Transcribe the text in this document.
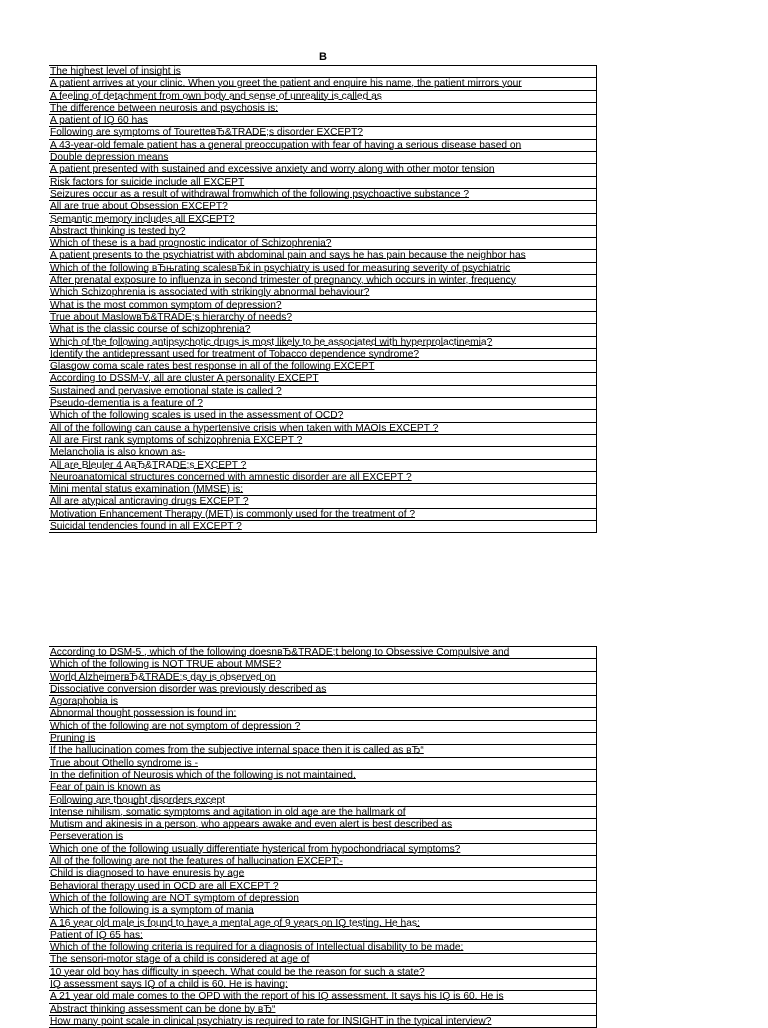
B
The highest level of insight is
A patient arrives at your clinic. When you greet the patient and enquire his name, the patient mirrors your
A feeling of detachment from own body and sense of unreality is called as
The difference between neurosis and psychosis is:
A patient of IQ 60 has
Following are symptoms of TouretteвЂ&TRADE;s disorder EXCEPT?
A 43-year-old female patient has a general preoccupation with fear of having a serious disease based on
Double depression means
A patient presented with sustained and excessive anxiety and worry along with other motor tension
Risk factors for suicide include all EXCEPT
Seizures occur as a result of withdrawal fromwhich of the following psychoactive substance ?
All are true about Obsession EXCEPT?
Semantic memory includes all EXCEPT?
Abstract thinking is tested by?
Which of these is a bad prognostic indicator of Schizophrenia?
A patient presents to the psychiatrist with abdominal pain and says he has pain because the neighbor has
Which of the following вЂњrating scalesвЂќ in psychiatry is used for measuring severity of psychiatric
After prenatal exposure to influenza in second trimester of pregnancy, which occurs in winter, frequency
Which Schizophrenia is associated with strikingly abnormal behaviour?
What is the most common symptom of depression?
True about MaslowвЂ&TRADE;s hierarchy of needs?
What is the classic course of schizophrenia?
Which of the following antipsychotic drugs is most likely to be associated with hyperprolactinemia?
Identify the antidepressant used for treatment of Tobacco dependence syndrome?
Glasgow coma scale rates best response in all of the following EXCEPT
According to DSSM-V, all are cluster A personality EXCEPT
Sustained and pervasive emotional state is called ?
Pseudo-dementia is a feature of ?
Which of the following scales is used in the assessment of OCD?
All of the following can cause a hypertensive crisis when taken with MAOIs EXCEPT ?
All are First rank symptoms of schizophrenia EXCEPT ?
Melancholia is also known as-
All are Bleuler 4 AвЂ&TRADE;s EXCEPT ?
Neuroanatomical structures concerned with amnestic disorder are all EXCEPT ?
Mini mental status examination (MMSE) is:
All are atypical anticraving drugs EXCEPT ?
Motivation Enhancement Therapy (MET) is commonly used for the treatment of ?
Suicidal tendencies found in all EXCEPT ?
According to DSM-5 , which of the following doesnвЂ&TRADE;t belong to Obsessive Compulsive and
Which of the following is NOT TRUE about MMSE?
World AlzheimerвЂ&TRADE;s day is observed on
Dissociative conversion disorder was previously described as
Agoraphobia is
Abnormal thought possession is found in:
Which of the following are not symptom of depression ?
Pruning is
If the hallucination comes from the subjective internal space then it is called as вЂ“
True about Othello syndrome is -
In the definition of Neurosis which of the following is not maintained.
Fear of pain is known as
Following are thought disorders except
Intense nihilism, somatic symptoms and agitation in old age are the hallmark of
Mutism and akinesis in a person, who appears awake and even alert is best described as
Perseveration is
Which one of the following usually differentiate hysterical from hypochondriacal symptoms?
All of the following are not the features of hallucination EXCEPT:-
Child is diagnosed to have enuresis by age
Behavioral therapy used in OCD are all EXCEPT ?
Which of the following are NOT symptom of depression
Which of the following is a symptom of mania
A 16 year old male is found to have a mental age of 9 years on IQ testing. He has:
Patient of IQ 65 has:
Which of the following criteria is required for a diagnosis of Intellectual disability to be made:
The sensori-motor stage of a child is considered at age of
10 year old boy has difficulty in speech. What could be the reason for such a state?
IQ assessment says IQ of a child is 60. He is having:
A 21 year old male comes to the OPD with the report of his IQ assessment. It says his IQ is 60. He is
Abstract thinking assessment can be done by вЂ“
How many point scale in clinical psychiatry is required to rate for INSIGHT in the typical interview?
